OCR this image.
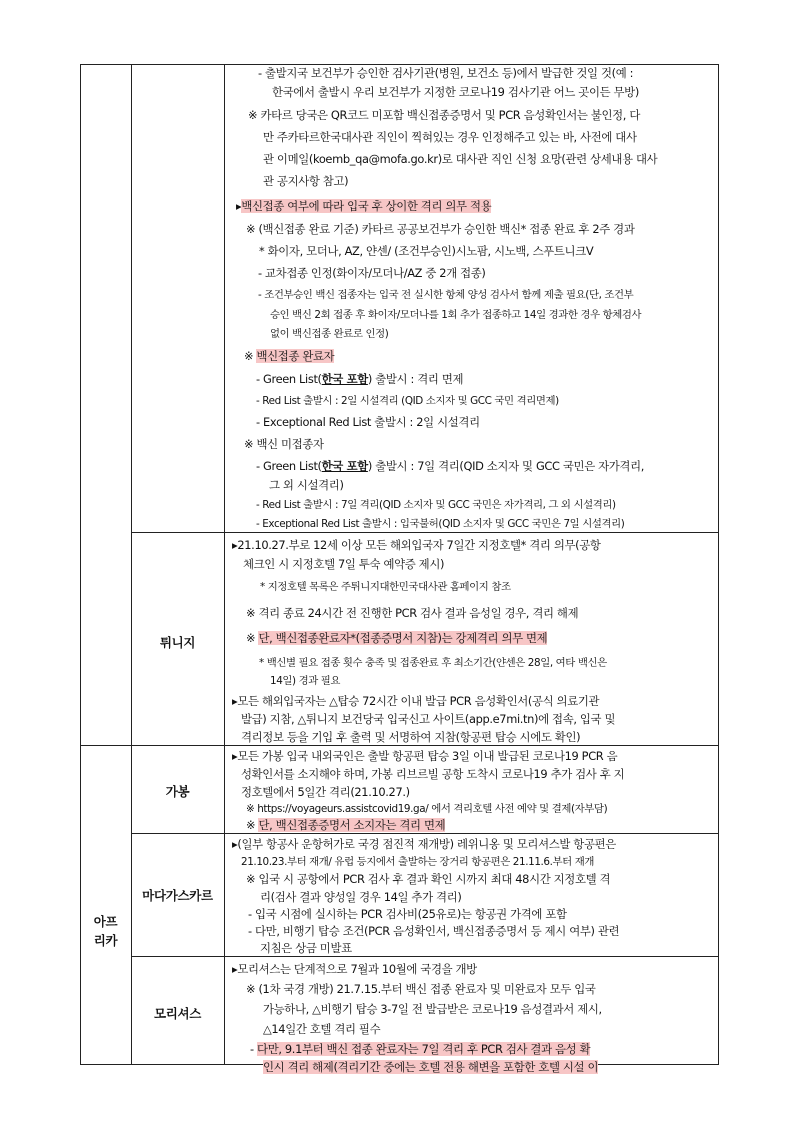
튀니지
가봉
마다가스카르
모리셔스
아프
리카
- 출발지국 보건부가 승인한 검사기관(병원, 보건소 등)에서 발급한 것일 것(예 :
한국에서 출발시 우리 보건부가 지정한 코로나19 검사기관 어느 곳이든 무방)
※ 카타르 당국은 QR코드 미포함 백신접종증명서 및 PCR 음성확인서는 불인정, 다
만 주카타르한국대사관 직인이 찍혀있는 경우 인정해주고 있는 바, 사전에 대사
관 이메일(koemb_qa@mofa.go.kr)로 대사관 직인 신청 요망(관련 상세내용 대사
관 공지사항 참고)
▸백신접종 여부에 따라 입국 후 상이한 격리 의무 적용
※ (백신접종 완료 기준) 카타르 공공보건부가 승인한 백신* 접종 완료 후 2주 경과
* 화이자, 모더나, AZ, 얀센/ (조건부승인)시노팜, 시노백, 스푸트니크V
- 교차접종 인정(화이자/모더나/AZ 중 2개 접종)
- 조건부승인 백신 접종자는 입국 전 실시한 항체 양성 검사서 함께 제출 필요(단, 조건부
승인 백신 2회 접종 후 화이자/모더나를 1회 추가 접종하고 14일 경과한 경우 항체검사
없이 백신접종 완료로 인정)
※ 백신접종 완료자
- Green List(한국 포함) 출발시 : 격리 면제
- Red List 출발시 : 2일 시설격리 (QID 소지자 및 GCC 국민 격리면제)
- Exceptional Red List 출발시 : 2일 시설격리
※ 백신 미접종자
- Green List(한국 포함) 출발시 : 7일 격리(QID 소지자 및 GCC 국민은 자가격리,
그 외 시설격리)
- Red List 출발시 : 7일 격리(QID 소지자 및 GCC 국민은 자가격리, 그 외 시설격리)
- Exceptional Red List 출발시 : 입국불허(QID 소지자 및 GCC 국민은 7일 시설격리)
▸21.10.27.부로 12세 이상 모든 해외입국자 7일간 지정호텔* 격리 의무(공항
체크인 시 지정호텔 7일 투숙 예약증 제시)
* 지정호텔 목록은 주튀니지대한민국대사관 홈페이지 참조
※ 격리 종료 24시간 전 진행한 PCR 검사 결과 음성일 경우, 격리 해제
※ 단, 백신접종완료자*(접종증명서 지참)는 강제격리 의무 면제
* 백신별 필요 접종 횟수 충족 및 접종완료 후 최소기간(얀센은 28일, 여타 백신은
14일) 경과 필요
▸모든 해외입국자는 △탑승 72시간 이내 발급 PCR 음성확인서(공식 의료기관
발급) 지참, △튀니지 보건당국 입국신고 사이트(app.e7mi.tn)에 접속, 입국 및
격리정보 등을 기입 후 출력 및 서명하여 지참(항공편 탑승 시에도 확인)
▸모든 가봉 입국 내외국인은 출발 항공편 탑승 3일 이내 발급된 코로나19 PCR 음
성확인서를 소지해야 하며, 가봉 리브르빌 공항 도착시 코로나19 추가 검사 후 지
정호텔에서 5일간 격리(21.10.27.)
※ https://voyageurs.assistcovid19.ga/ 에서 격리호텔 사전 예약 및 결제(자부담)
※ 단, 백신접종증명서 소지자는 격리 면제
▸(일부 항공사 운항허가로 국경 점진적 재개방) 레위니옹 및 모리셔스발 항공편은
21.10.23.부터 재개/ 유럽 등지에서 출발하는 장거리 항공편은 21.11.6.부터 재개
※ 입국 시 공항에서 PCR 검사 후 결과 확인 시까지 최대 48시간 지정호텔 격
리(검사 결과 양성일 경우 14일 추가 격리)
- 입국 시점에 실시하는 PCR 검사비(25유로)는 항공권 가격에 포함
- 다만, 비행기 탑승 조건(PCR 음성확인서, 백신접종증명서 등 제시 여부) 관련
지침은 상금 미발표
▸모리셔스는 단계적으로 7월과 10월에 국경을 개방
※ (1차 국경 개방) 21.7.15.부터 백신 접종 완료자 및 미완료자 모두 입국
가능하나, △비행기 탑승 3-7일 전 발급받은 코로나19 음성결과서 제시,
△14일간 호텔 격리 필수
- 다만, 9.1부터 백신 접종 완료자는 7일 격리 후 PCR 검사 결과 음성 확
인시 격리 해제(격리기간 중에는 호텔 전용 해변을 포함한 호텔 시설 이
